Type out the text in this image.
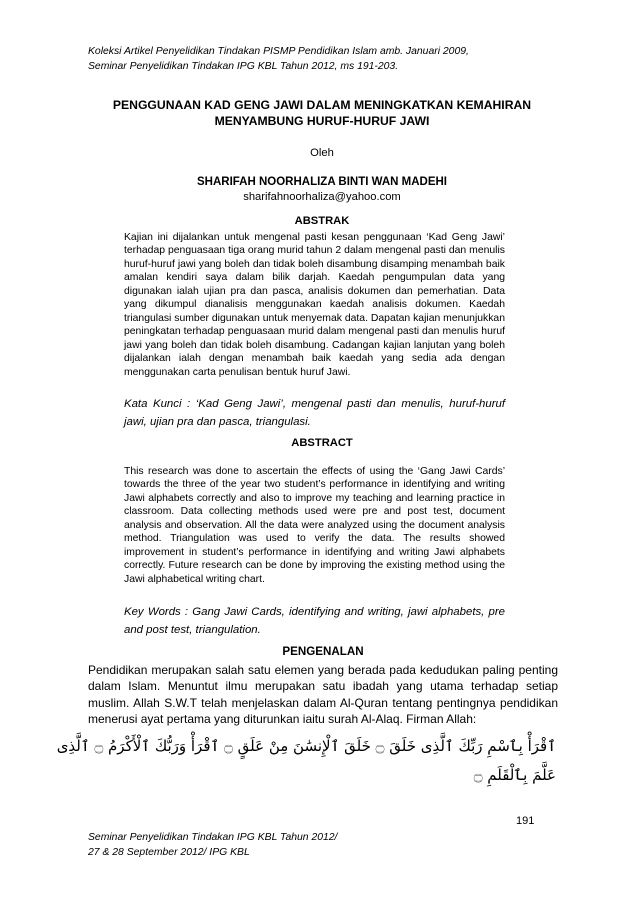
Koleksi Artikel Penyelidikan Tindakan PISMP Pendidikan Islam amb. Januari 2009,
Seminar Penyelidikan Tindakan IPG KBL Tahun 2012, ms 191-203.
PENGGUNAAN KAD GENG JAWI DALAM MENINGKATKAN KEMAHIRAN
MENYAMBUNG HURUF-HURUF JAWI
Oleh
SHARIFAH NOORHALIZA BINTI WAN MADEHI
sharifahnoorhaliza@yahoo.com
ABSTRAK
Kajian ini dijalankan untuk mengenal pasti kesan penggunaan ‘Kad Geng Jawi’ terhadap penguasaan tiga orang murid tahun 2 dalam mengenal pasti dan menulis huruf-huruf jawi yang boleh dan tidak boleh disambung disamping menambah baik amalan kendiri saya dalam bilik darjah. Kaedah pengumpulan data yang digunakan ialah ujian pra dan pasca, analisis dokumen dan pemerhatian. Data yang dikumpul dianalisis menggunakan kaedah analisis dokumen. Kaedah triangulasi sumber digunakan untuk menyemak data. Dapatan kajian menunjukkan peningkatan terhadap penguasaan murid dalam mengenal pasti dan menulis huruf jawi yang boleh dan tidak boleh disambung. Cadangan kajian lanjutan yang boleh dijalankan ialah dengan menambah baik kaedah yang sedia ada dengan menggunakan carta penulisan bentuk huruf Jawi.
Kata Kunci : ‘Kad Geng Jawi’, mengenal pasti dan menulis, huruf-huruf jawi, ujian pra dan pasca, triangulasi.
ABSTRACT
This research was done to ascertain the effects of using the ‘Gang Jawi Cards’ towards the three of the year two student’s performance in identifying and writing Jawi alphabets correctly and also to improve my teaching and learning practice in classroom. Data collecting methods used were pre and post test, document analysis and observation. All the data were analyzed using the document analysis method. Triangulation was used to verify the data. The results showed improvement in student’s performance in identifying and writing Jawi alphabets correctly. Future research can be done by improving the existing method using the Jawi alphabetical writing chart.
Key Words : Gang Jawi Cards, identifying and writing, jawi alphabets, pre and post test, triangulation.
PENGENALAN
Pendidikan merupakan salah satu elemen yang berada pada kedudukan paling penting dalam Islam. Menuntut ilmu merupakan satu ibadah yang utama terhadap setiap muslim. Allah S.W.T telah menjelaskan dalam Al-Quran tentang pentingnya pendidikan menerusi ayat pertama yang diturunkan iaitu surah Al-Alaq. Firman Allah:
ٱقْرَأْ بِٱسْمِ رَبِّكَ ٱلَّذِى خَلَقَ ۝ خَلَقَ ٱلْإِنسَٰنَ مِنْ عَلَقٍ ۝ ٱقْرَأْ وَرَبُّكَ ٱلْأَكْرَمُ ۝ ٱلَّذِى
عَلَّمَ بِٱلْقَلَمِ ۝
191
Seminar Penyelidikan Tindakan IPG KBL Tahun 2012/
27 & 28 September 2012/ IPG KBL
